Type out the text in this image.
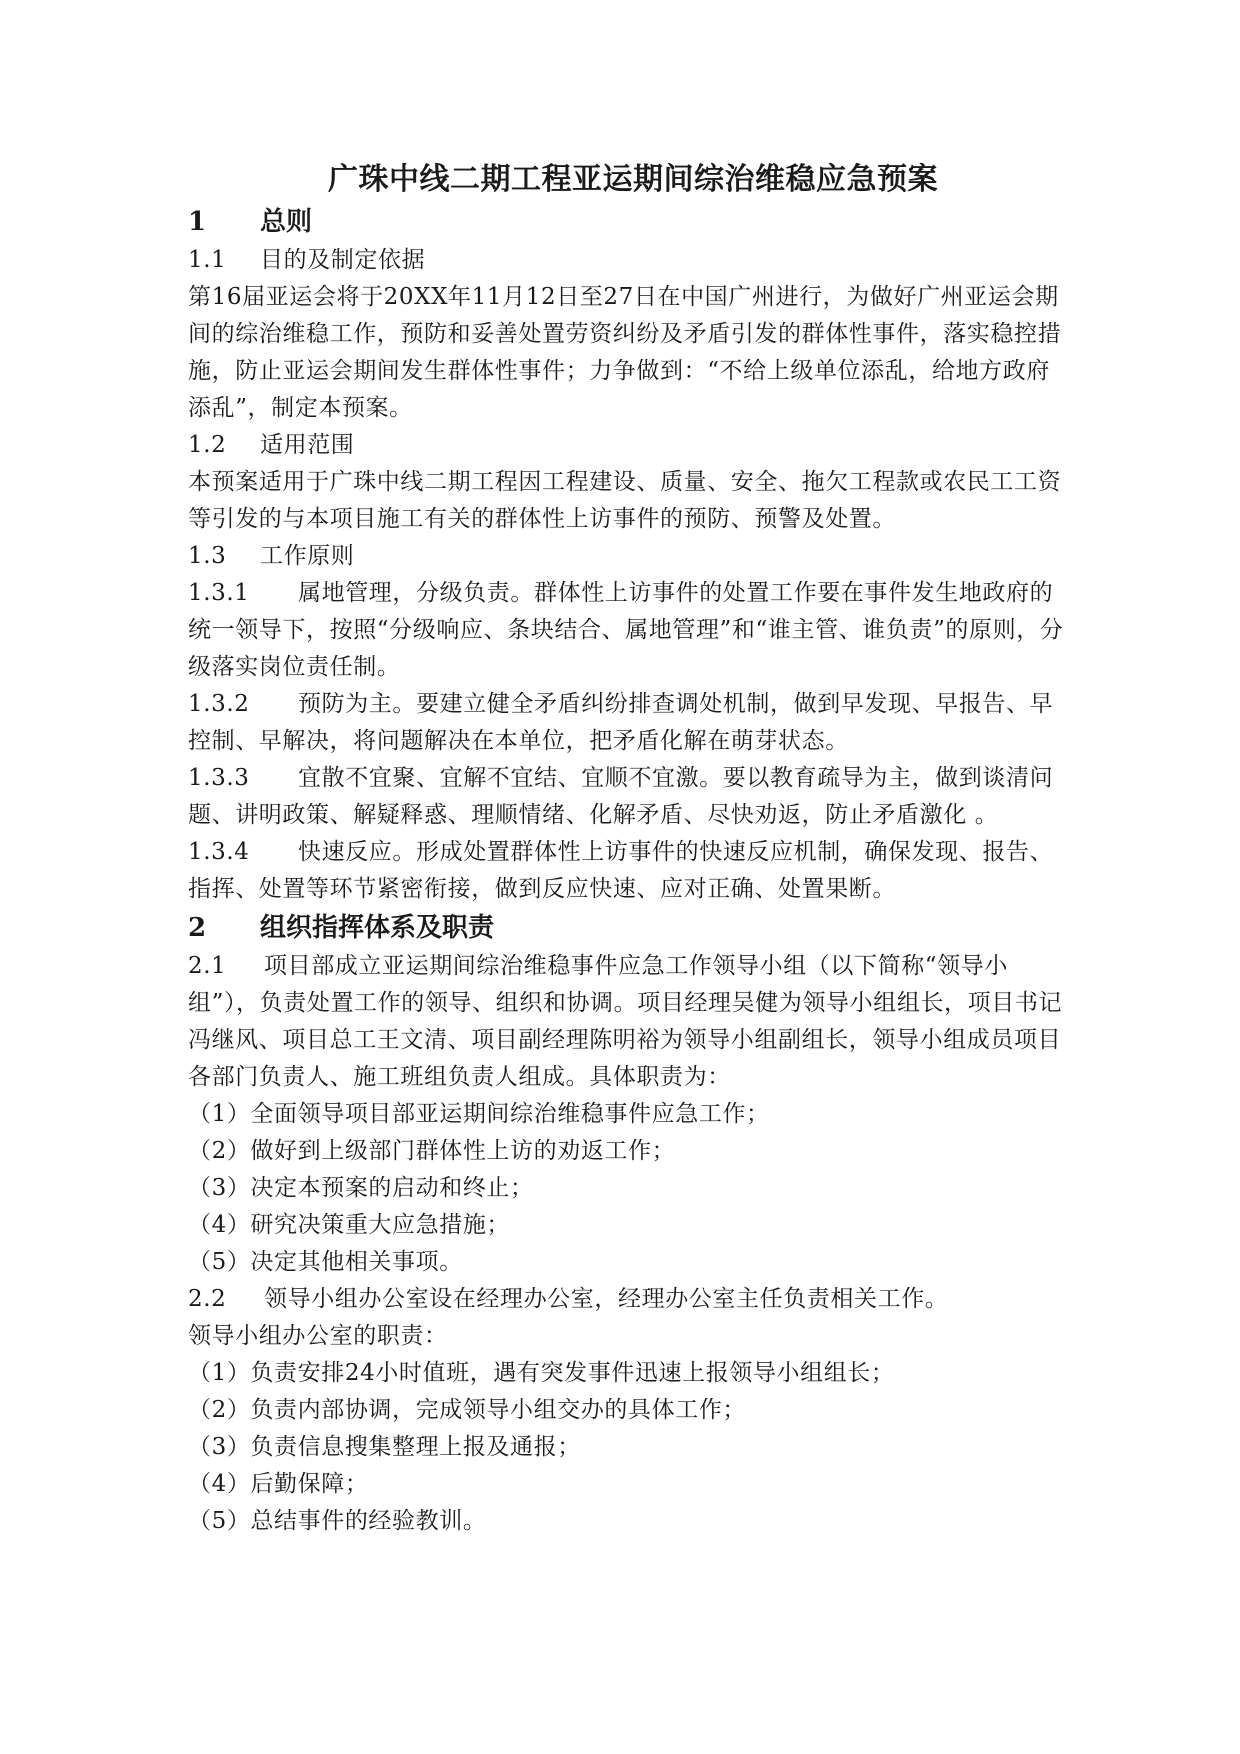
广珠中线二期工程亚运期间综治维稳应急预案
1	总则
1.1 目的及制定依据
第16届亚运会将于20XX年11月12日至27日在中国广州进行，为做好广州亚运会期间的综治维稳工作，预防和妥善处置劳资纠纷及矛盾引发的群体性事件，落实稳控措施，防止亚运会期间发生群体性事件；力争做到：“不给上级单位添乱，给地方政府添乱”，制定本预案。
1.2 适用范围
本预案适用于广珠中线二期工程因工程建设、质量、安全、拖欠工程款或农民工工资等引发的与本项目施工有关的群体性上访事件的预防、预警及处置。
1.3 工作原则
1.3.1 属地管理，分级负责。群体性上访事件的处置工作要在事件发生地政府的统一领导下，按照“分级响应、条块结合、属地管理”和“谁主管、谁负责”的原则，分级落实岗位责任制。
1.3.2 预防为主。要建立健全矛盾纠纷排查调处机制，做到早发现、早报告、早控制、早解决，将问题解决在本单位，把矛盾化解在萌芽状态。
1.3.3 宜散不宜聚、宜解不宜结、宜顺不宜激。要以教育疏导为主，做到谈清问题、讲明政策、解疑释惑、理顺情绪、化解矛盾、尽快劝返，防止矛盾激化 。
1.3.4 快速反应。形成处置群体性上访事件的快速反应机制，确保发现、报告、指挥、处置等环节紧密衔接，做到反应快速、应对正确、处置果断。
2	组织指挥体系及职责
2.1 项目部成立亚运期间综治维稳事件应急工作领导小组（以下简称“领导小组”），负责处置工作的领导、组织和协调。项目经理吴健为领导小组组长，项目书记冯继风、项目总工王文清、项目副经理陈明裕为领导小组副组长，领导小组成员项目各部门负责人、施工班组负责人组成。具体职责为：
（1）全面领导项目部亚运期间综治维稳事件应急工作；
（2）做好到上级部门群体性上访的劝返工作；
（3）决定本预案的启动和终止；
（4）研究决策重大应急措施；
（5）决定其他相关事项。
2.2 领导小组办公室设在经理办公室，经理办公室主任负责相关工作。
领导小组办公室的职责：
（1）负责安排24小时值班，遇有突发事件迅速上报领导小组组长；
（2）负责内部协调，完成领导小组交办的具体工作；
（3）负责信息搜集整理上报及通报；
（4）后勤保障；
（5）总结事件的经验教训。
